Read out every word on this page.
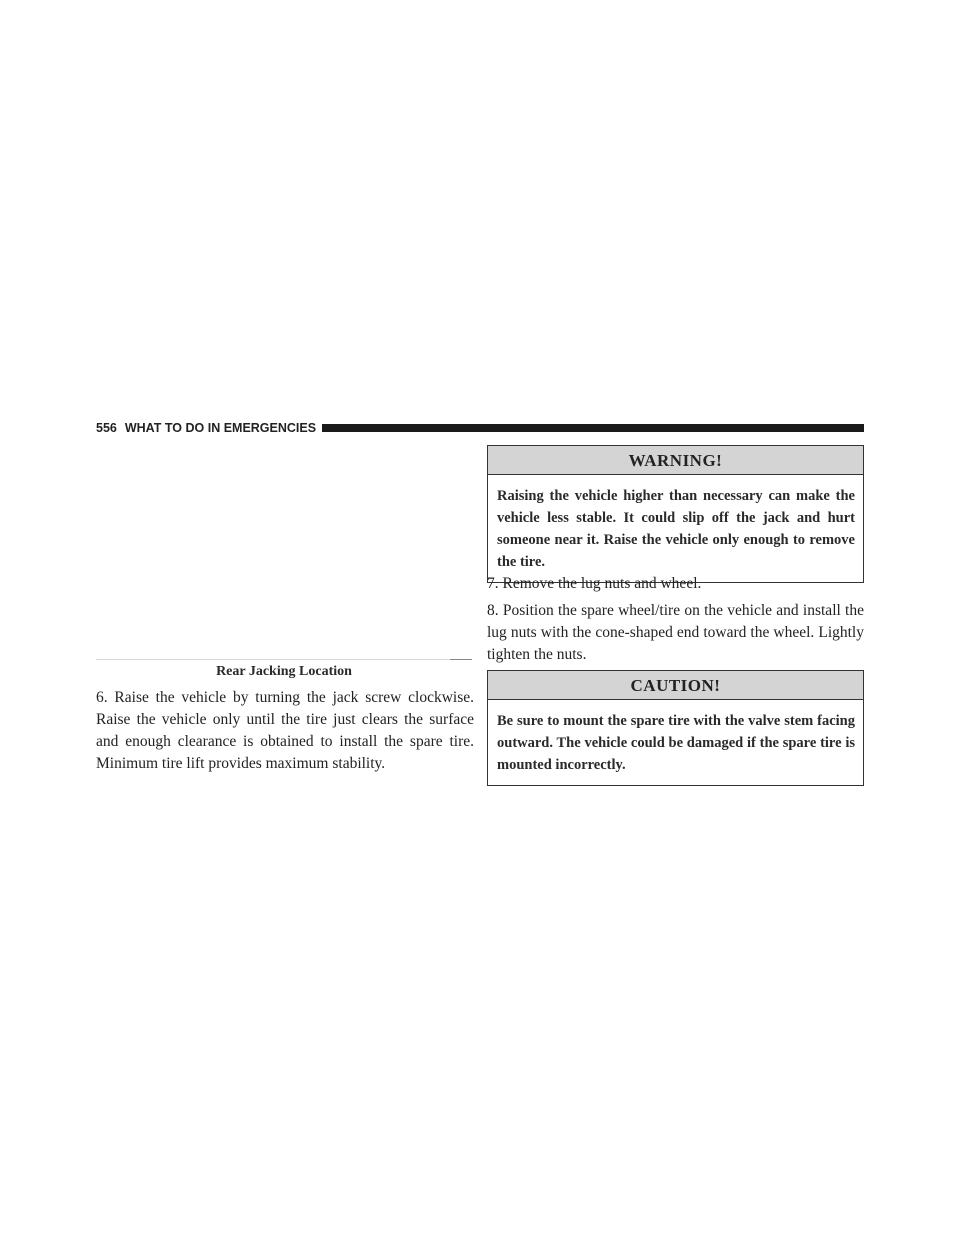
556 WHAT TO DO IN EMERGENCIES
Rear Jacking Location

6. Raise the vehicle by turning the jack screw clockwise. Raise the vehicle only until the tire just clears the surface and enough clearance is obtained to install the spare tire. Minimum tire lift provides maximum stability.

WARNING!
Raising the vehicle higher than necessary can make the vehicle less stable. It could slip off the jack and hurt someone near it. Raise the vehicle only enough to remove the tire.

7. Remove the lug nuts and wheel.

8. Position the spare wheel/tire on the vehicle and install the lug nuts with the cone-shaped end toward the wheel. Lightly tighten the nuts.

CAUTION!
Be sure to mount the spare tire with the valve stem facing outward. The vehicle could be damaged if the spare tire is mounted incorrectly.
